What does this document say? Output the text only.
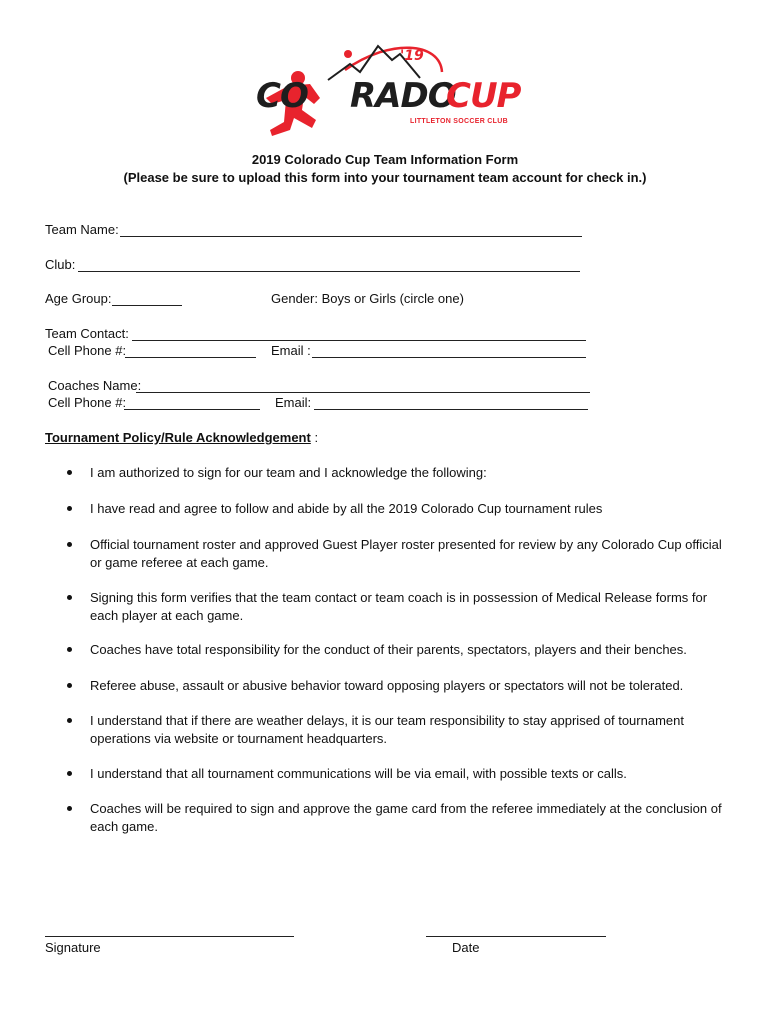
'19
CO RADO
CUP
LITTLETON SOCCER CLUB
2019 Colorado Cup Team Information Form
(Please be sure to upload this form into your tournament team account for check in.)
Team Name:
Club:
Age Group:	Gender: Boys or Girls (circle one)
Team Contact:
Cell Phone #:	Email :
Coaches Name:
Cell Phone #:	Email:
Tournament Policy/Rule Acknowledgement :
I am authorized to sign for our team and I acknowledge the following:
I have read and agree to follow and abide by all the 2019 Colorado Cup tournament rules
Official tournament roster and approved Guest Player roster presented for review by any Colorado Cup official or game referee at each game.
Signing this form verifies that the team contact or team coach is in possession of Medical Release forms for each player at each game.
Coaches have total responsibility for the conduct of their parents, spectators, players and their benches.
Referee abuse, assault or abusive behavior toward opposing players or spectators will not be tolerated.
I understand that if there are weather delays, it is our team responsibility to stay apprised of tournament operations via website or tournament headquarters.
I understand that all tournament communications will be via email, with possible texts or calls.
Coaches will be required to sign and approve the game card from the referee immediately at the conclusion of each game.
Signature	Date
